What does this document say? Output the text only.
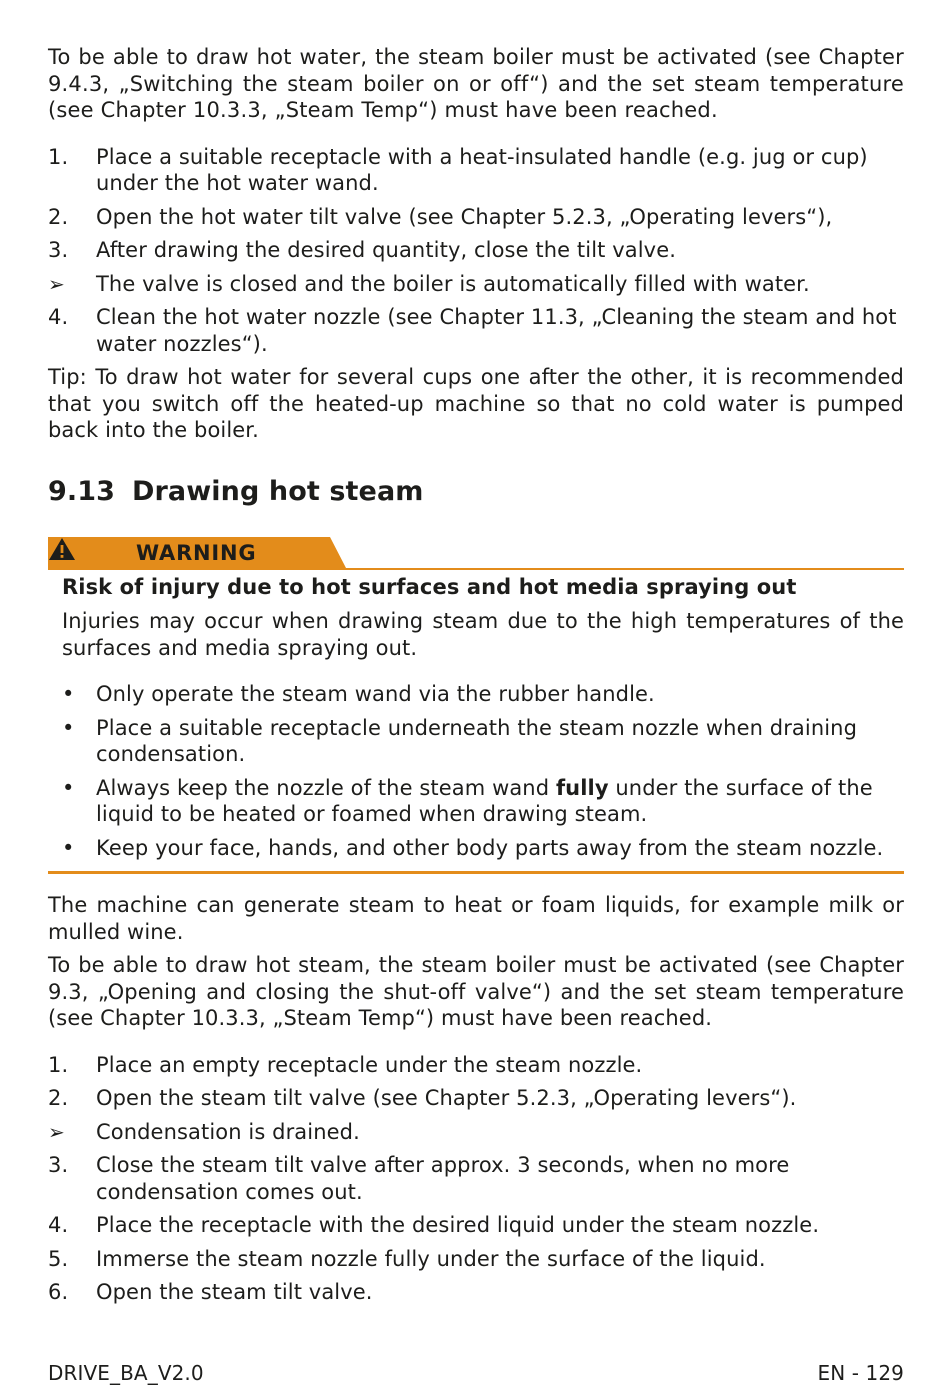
To be able to draw hot water, the steam boiler must be activated (see Chapter 9.4.3, „Switching the steam boiler on or off“) and the set steam temperature (see Chapter 10.3.3, „Steam Temp“) must have been reached.

1.	Place a suitable receptacle with a heat-insulated handle (e.g. jug or cup) under the hot water wand.
2.	Open the hot water tilt valve (see Chapter 5.2.3, „Operating levers“),
3.	After drawing the desired quantity, close the tilt valve.
➢	The valve is closed and the boiler is automatically filled with water.
4.	Clean the hot water nozzle (see Chapter 11.3, „Cleaning the steam and hot water nozzles“).

Tip: To draw hot water for several cups one after the other, it is recommended that you switch off the heated-up machine so that no cold water is pumped back into the boiler.

9.13 Drawing hot steam
WARNING
Risk of injury due to hot surfaces and hot media spraying out

Injuries may occur when drawing steam due to the high temperatures of the surfaces and media spraying out.

•	Only operate the steam wand via the rubber handle.
•	Place a suitable receptacle underneath the steam nozzle when draining condensation.
•	Always keep the nozzle of the steam wand fully under the surface of the liquid to be heated or foamed when drawing steam.
•	Keep your face, hands, and other body parts away from the steam nozzle.

The machine can generate steam to heat or foam liquids, for example milk or mulled wine.

To be able to draw hot steam, the steam boiler must be activated (see Chapter 9.3, „Opening and closing the shut-off valve“) and the set steam temperature (see Chapter 10.3.3, „Steam Temp“) must have been reached.

1.	Place an empty receptacle under the steam nozzle.
2.	Open the steam tilt valve (see Chapter 5.2.3, „Operating levers“).
➢	Condensation is drained.
3.	Close the steam tilt valve after approx. 3 seconds, when no more condensation comes out.
4.	Place the receptacle with the desired liquid under the steam nozzle.
5.	Immerse the steam nozzle fully under the surface of the liquid.
6.	Open the steam tilt valve.
DRIVE_BA_V2.0	EN - 129
